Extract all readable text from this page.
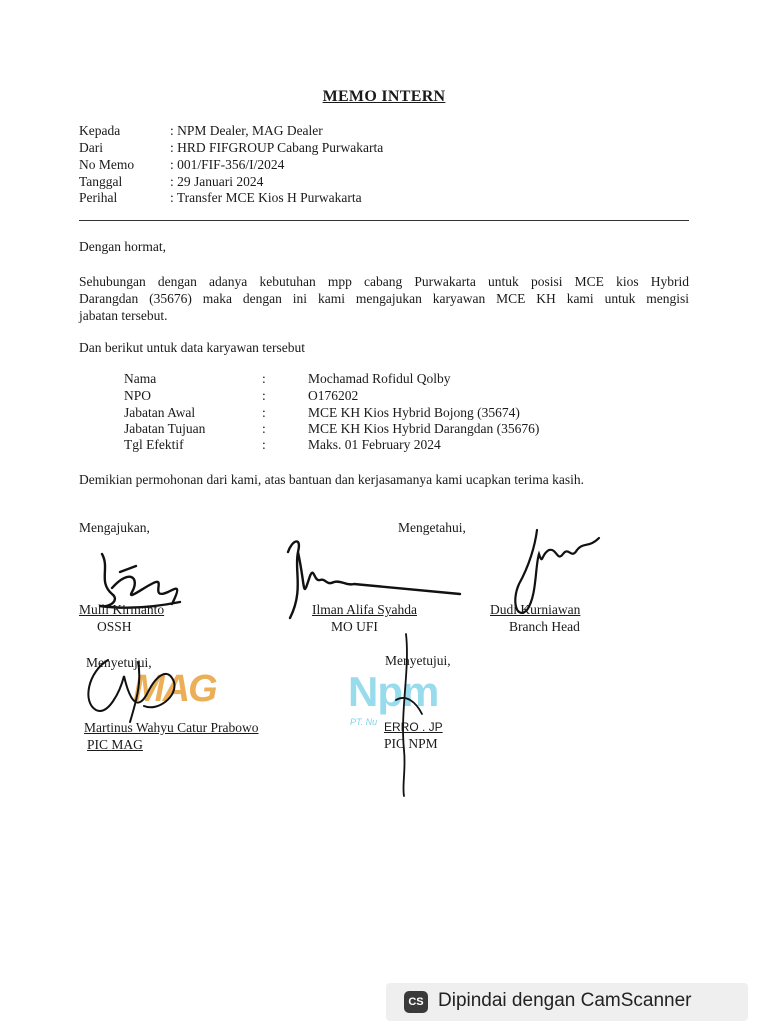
MEMO INTERN
Kepada	: NPM Dealer, MAG Dealer
Dari	: HRD FIFGROUP Cabang Purwakarta
No Memo	: 001/FIF-356/I/2024
Tanggal	: 29 Januari 2024
Perihal	: Transfer MCE Kios H Purwakarta
Dengan hormat,
Sehubungan dengan adanya kebutuhan mpp cabang Purwakarta untuk posisi MCE kios Hybrid
Darangdan (35676) maka dengan ini kami mengajukan karyawan MCE KH kami untuk mengisi
jabatan tersebut.
Dan berikut untuk data karyawan tersebut
Nama	:	Mochamad Rofidul Qolby
NPO	:	O176202
Jabatan Awal	:	MCE KH Kios Hybrid Bojong (35674)
Jabatan Tujuan	:	MCE KH Kios Hybrid Darangdan (35676)
Tgl Efektif	:	Maks. 01 February 2024
Demikian permohonan dari kami, atas bantuan dan kerjasamanya kami ucapkan terima kasih.
Mengajukan,	Mengetahui,
Mulli Kirmanto
OSSH
Ilman Alifa Syahda
MO UFI
Dudi Kurniawan
Branch Head
Menyetujui,	Menyetujui,
MAG	Npm
PT. Nu
Martinus Wahyu Catur Prabowo
PIC MAG
ERRO . JP
PIC NPM
CS Dipindai dengan CamScanner
